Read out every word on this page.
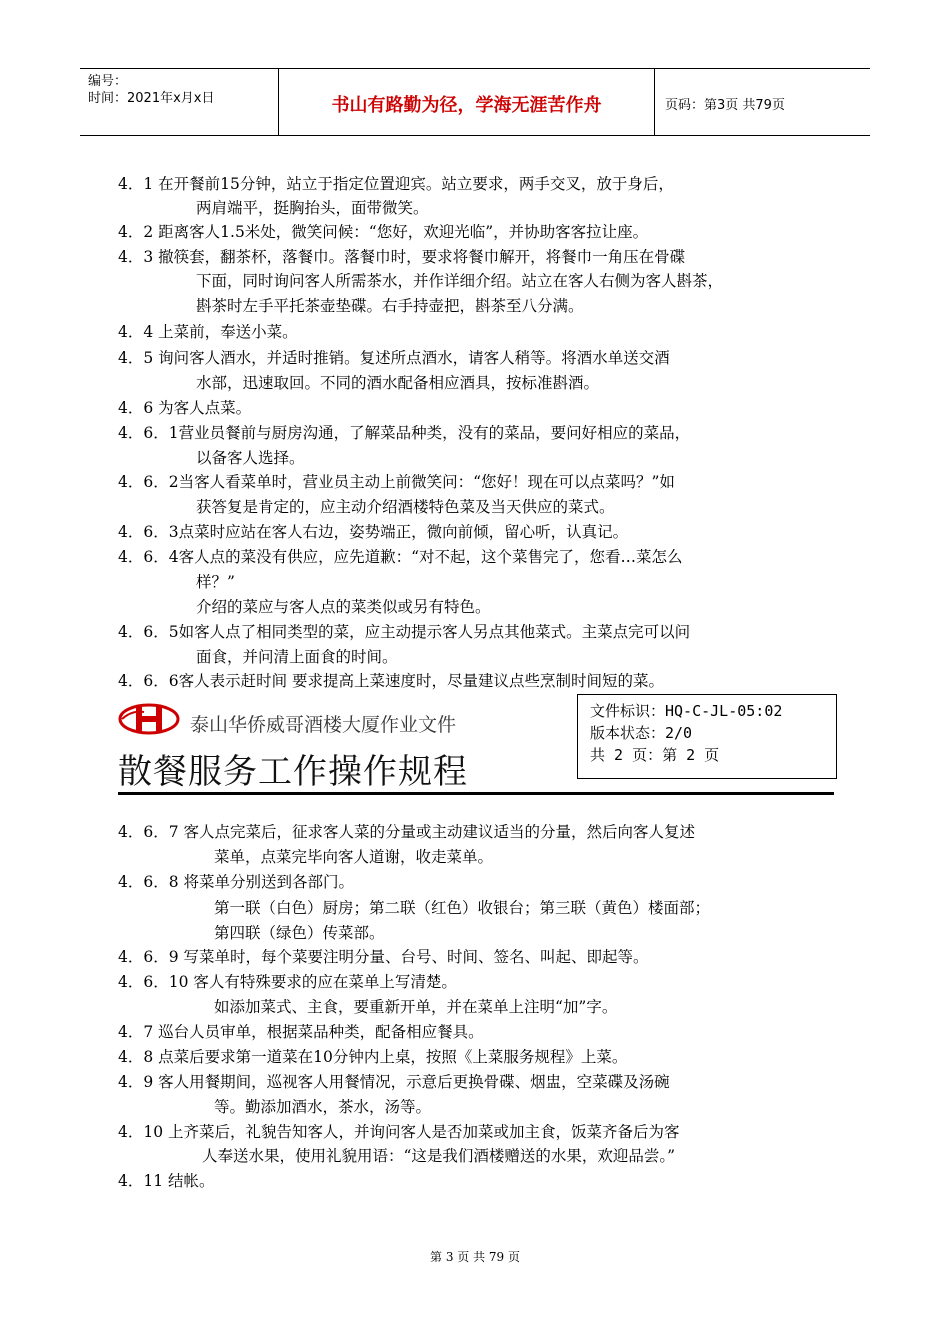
编号：
时间：2021年x月x日	书山有路勤为径，学海无涯苦作舟	页码：第3页 共79页
4．1 在开餐前15分钟，站立于指定位置迎宾。站立要求，两手交叉，放于身后，
两肩端平，挺胸抬头，面带微笑。
4．2 距离客人1.5米处，微笑问候：“您好，欢迎光临”，并协助客客拉让座。
4．3 撤筷套，翻茶杯，落餐巾。落餐巾时，要求将餐巾解开，将餐巾一角压在骨碟
下面，同时询问客人所需茶水，并作详细介绍。站立在客人右侧为客人斟茶，
斟茶时左手平托茶壶垫碟。右手持壶把，斟茶至八分满。
4．4 上菜前，奉送小菜。
4．5 询问客人酒水，并适时推销。复述所点酒水，请客人稍等。将酒水单送交酒
水部，迅速取回。不同的酒水配备相应酒具，按标准斟酒。
4．6 为客人点菜。
4．6．1营业员餐前与厨房沟通，了解菜品种类，没有的菜品，要问好相应的菜品，
以备客人选择。
4．6．2当客人看菜单时，营业员主动上前微笑问：“您好！现在可以点菜吗？”如
获答复是肯定的，应主动介绍酒楼特色菜及当天供应的菜式。
4．6．3点菜时应站在客人右边，姿势端正，微向前倾，留心听，认真记。
4．6．4客人点的菜没有供应，应先道歉：“对不起，这个菜售完了，您看…菜怎么
样？”
介绍的菜应与客人点的菜类似或另有特色。
4．6．5如客人点了相同类型的菜，应主动提示客人另点其他菜式。主菜点完可以问
面食，并问清上面食的时间。
4．6．6客人表示赶时间 要求提高上菜速度时，尽量建议点些烹制时间短的菜。
泰山华侨威哥酒楼大厦作业文件
散餐服务工作操作规程
文件标识：HQ-C-JL-05:02
版本状态：2/0
共 2 页：第 2 页
4．6．7 客人点完菜后，征求客人菜的分量或主动建议适当的分量，然后向客人复述
菜单，点菜完毕向客人道谢，收走菜单。
4．6．8 将菜单分别送到各部门。
第一联（白色）厨房；第二联（红色）收银台；第三联（黄色）楼面部；
第四联（绿色）传菜部。
4．6．9 写菜单时，每个菜要注明分量、台号、时间、签名、叫起、即起等。
4．6．10 客人有特殊要求的应在菜单上写清楚。
如添加菜式、主食，要重新开单，并在菜单上注明“加”字。
4．7 巡台人员审单，根据菜品种类，配备相应餐具。
4．8 点菜后要求第一道菜在10分钟内上桌，按照《上菜服务规程》上菜。
4．9 客人用餐期间，巡视客人用餐情况，示意后更换骨碟、烟盅，空菜碟及汤碗
等。勤添加酒水，茶水，汤等。
4．10 上齐菜后，礼貌告知客人，并询问客人是否加菜或加主食，饭菜齐备后为客
人奉送水果，使用礼貌用语：“这是我们酒楼赠送的水果，欢迎品尝。”
4．11 结帐。
第 3 页 共 79 页
